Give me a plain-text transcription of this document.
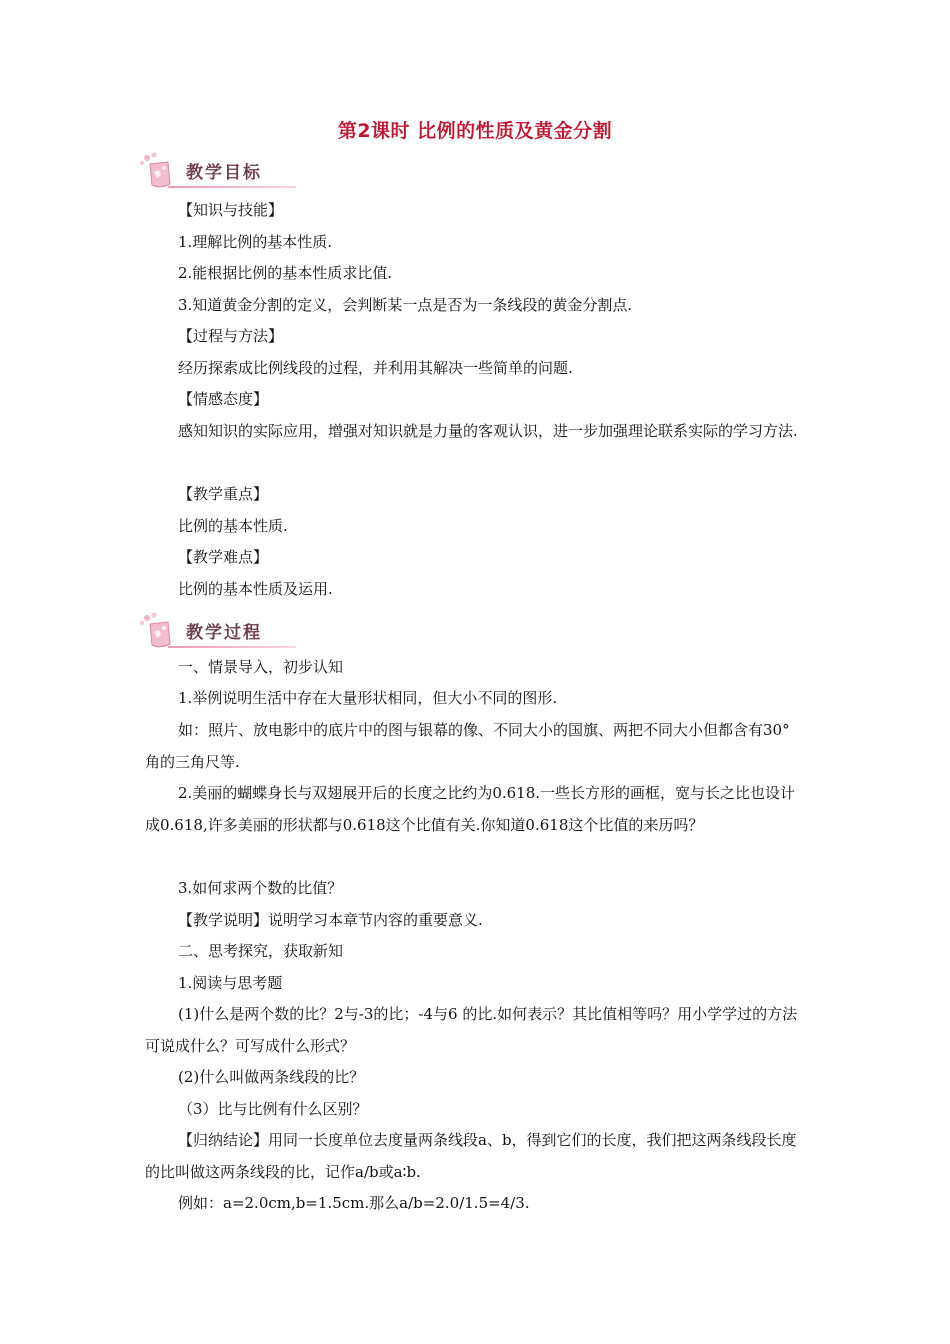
第2课时 比例的性质及黄金分割
教学目标

【知识与技能】

1.理解比例的基本性质.

2.能根据比例的基本性质求比值.

3.知道黄金分割的定义，会判断某一点是否为一条线段的黄金分割点.

【过程与方法】

经历探索成比例线段的过程，并利用其解决一些简单的问题.

【情感态度】

感知知识的实际应用，增强对知识就是力量的客观认识，进一步加强理论联系实际的学习方法.

【教学重点】

比例的基本性质.

【教学难点】

比例的基本性质及运用.

教学过程

一、情景导入，初步认知

1.举例说明生活中存在大量形状相同，但大小不同的图形.

如：照片、放电影中的底片中的图与银幕的像、不同大小的国旗、两把不同大小但都含有30° 角的三角尺等.

2.美丽的蝴蝶身长与双翅展开后的长度之比约为0.618.一些长方形的画框，宽与长之比也设计成0.618,许多美丽的形状都与0.618这个比值有关.你知道0.618这个比值的来历吗？

3.如何求两个数的比值？

【教学说明】说明学习本章节内容的重要意义.

二、思考探究，获取新知

1.阅读与思考题

(1)什么是两个数的比？2与-3的比；-4与6 的比.如何表示？其比值相等吗？用小学学过的方法可说成什么？可写成什么形式？

(2)什么叫做两条线段的比？

（3）比与比例有什么区别？

【归纳结论】用同一长度单位去度量两条线段a、b，得到它们的长度，我们把这两条线段长度的比叫做这两条线段的比，记作a/b或a∶b.

例如：a=2.0cm,b=1.5cm.那么a/b=2.0/1.5=4/3.
